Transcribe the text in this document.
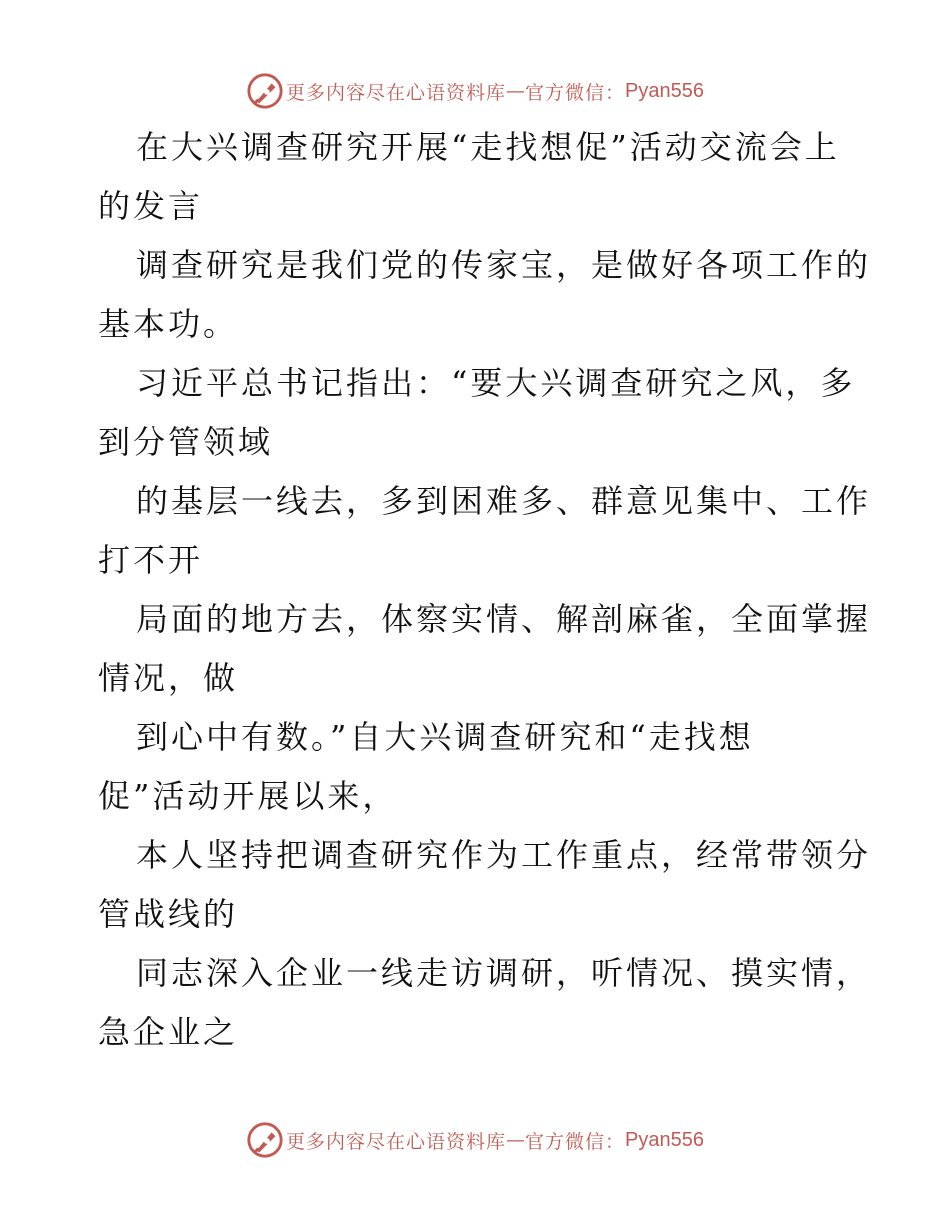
更多内容尽在心语资料库 — 官方微信： Pyan556
在大兴调查研究开展“走找想促”活动交流会上
的发言
调查研究是我们党的传家宝，是做好各项工作的
基本功。
习近平总书记指出：“要大兴调查研究之风，多
到分管领域
的基层一线去，多到困难多、群意见集中、工作
打不开
局面的地方去，体察实情、解剖麻雀，全面掌握
情况，做
到心中有数。”自大兴调查研究和“走找想
促”活动开展以来，
本人坚持把调查研究作为工作重点，经常带领分
管战线的
同志深入企业一线走访调研，听情况、摸实情，
急企业之
更多内容尽在心语资料库 — 官方微信： Pyan556
